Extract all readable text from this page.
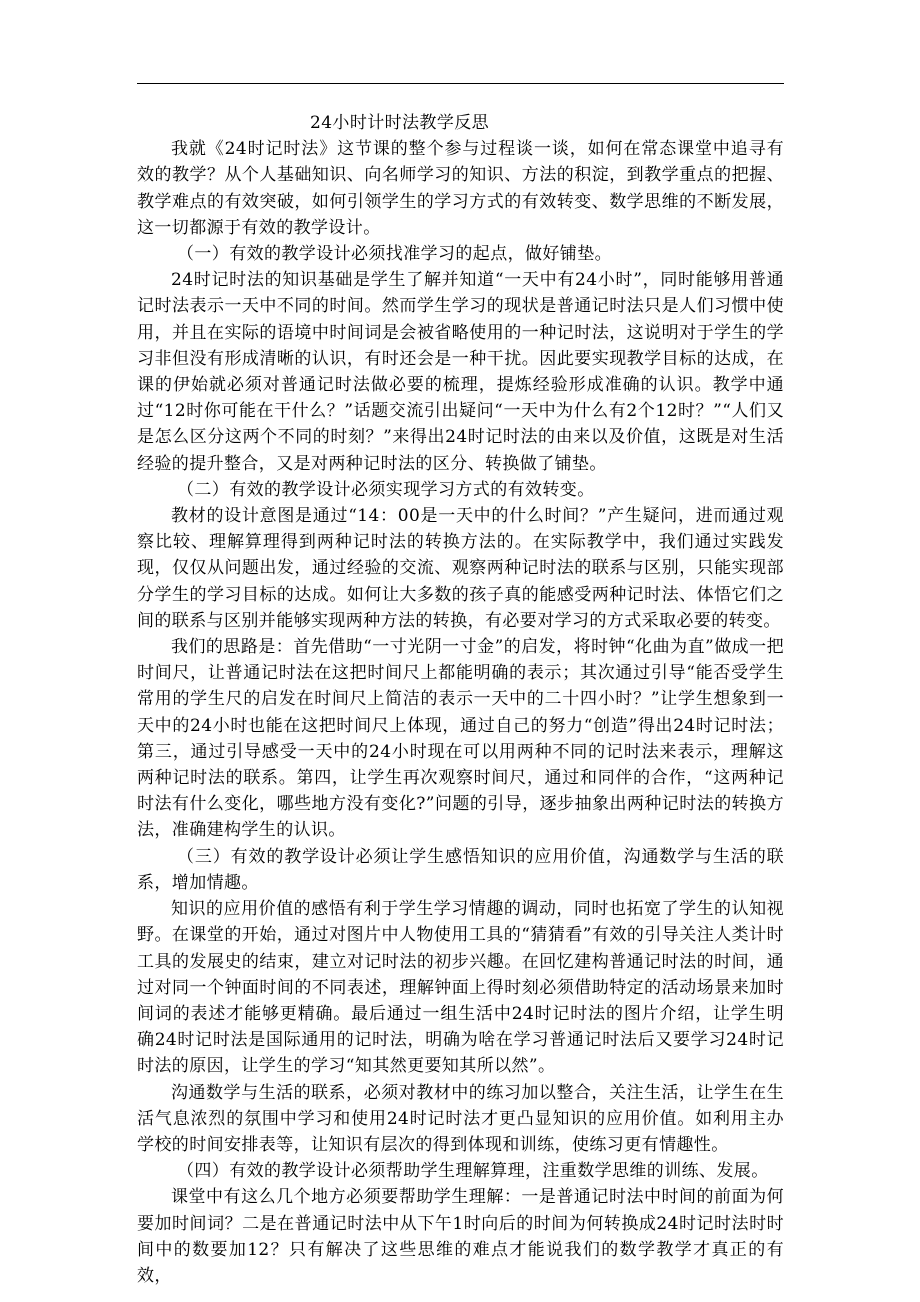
24小时计时法教学反思

我就《24时记时法》这节课的整个参与过程谈一谈，如何在常态课堂中追寻有效的教学？从个人基础知识、向名师学习的知识、方法的积淀，到教学重点的把握、教学难点的有效突破，如何引领学生的学习方式的有效转变、数学思维的不断发展，这一切都源于有效的教学设计。

（一）有效的教学设计必须找准学习的起点，做好铺垫。

24时记时法的知识基础是学生了解并知道“一天中有24小时”，同时能够用普通记时法表示一天中不同的时间。然而学生学习的现状是普通记时法只是人们习惯中使用，并且在实际的语境中时间词是会被省略使用的一种记时法，这说明对于学生的学习非但没有形成清晰的认识，有时还会是一种干扰。因此要实现教学目标的达成，在课的伊始就必须对普通记时法做必要的梳理，提炼经验形成准确的认识。教学中通过“12时你可能在干什么？”话题交流引出疑问“一天中为什么有2个12时？”“人们又是怎么区分这两个不同的时刻？”来得出24时记时法的由来以及价值，这既是对生活经验的提升整合，又是对两种记时法的区分、转换做了铺垫。

（二）有效的教学设计必须实现学习方式的有效转变。

教材的设计意图是通过“14：00是一天中的什么时间？”产生疑问，进而通过观察比较、理解算理得到两种记时法的转换方法的。在实际教学中，我们通过实践发现，仅仅从问题出发，通过经验的交流、观察两种记时法的联系与区别，只能实现部分学生的学习目标的达成。如何让大多数的孩子真的能感受两种记时法、体悟它们之间的联系与区别并能够实现两种方法的转换，有必要对学习的方式采取必要的转变。

我们的思路是：首先借助“一寸光阴一寸金”的启发，将时钟“化曲为直”做成一把时间尺，让普通记时法在这把时间尺上都能明确的表示；其次通过引导“能否受学生常用的学生尺的启发在时间尺上简洁的表示一天中的二十四小时？”让学生想象到一天中的24小时也能在这把时间尺上体现，通过自己的努力“创造”得出24时记时法；第三，通过引导感受一天中的24小时现在可以用两种不同的记时法来表示，理解这两种记时法的联系。第四，让学生再次观察时间尺，通过和同伴的合作，“这两种记时法有什么变化，哪些地方没有变化?”问题的引导，逐步抽象出两种记时法的转换方法，准确建构学生的认识。

（三）有效的教学设计必须让学生感悟知识的应用价值，沟通数学与生活的联系，增加情趣。

知识的应用价值的感悟有利于学生学习情趣的调动，同时也拓宽了学生的认知视野。在课堂的开始，通过对图片中人物使用工具的“猜猜看”有效的引导关注人类计时工具的发展史的结束，建立对记时法的初步兴趣。在回忆建构普通记时法的时间，通过对同一个钟面时间的不同表述，理解钟面上得时刻必须借助特定的活动场景来加时间词的表述才能够更精确。最后通过一组生活中24时记时法的图片介绍，让学生明确24时记时法是国际通用的记时法，明确为啥在学习普通记时法后又要学习24时记时法的原因，让学生的学习“知其然更要知其所以然”。

沟通数学与生活的联系，必须对教材中的练习加以整合，关注生活，让学生在生活气息浓烈的氛围中学习和使用24时记时法才更凸显知识的应用价值。如利用主办学校的时间安排表等，让知识有层次的得到体现和训练，使练习更有情趣性。

（四）有效的教学设计必须帮助学生理解算理，注重数学思维的训练、发展。

课堂中有这么几个地方必须要帮助学生理解：一是普通记时法中时间的前面为何要加时间词？二是在普通记时法中从下午1时向后的时间为何转换成24时记时法时时间中的数要加12？只有解决了这些思维的难点才能说我们的数学教学才真正的有效，
